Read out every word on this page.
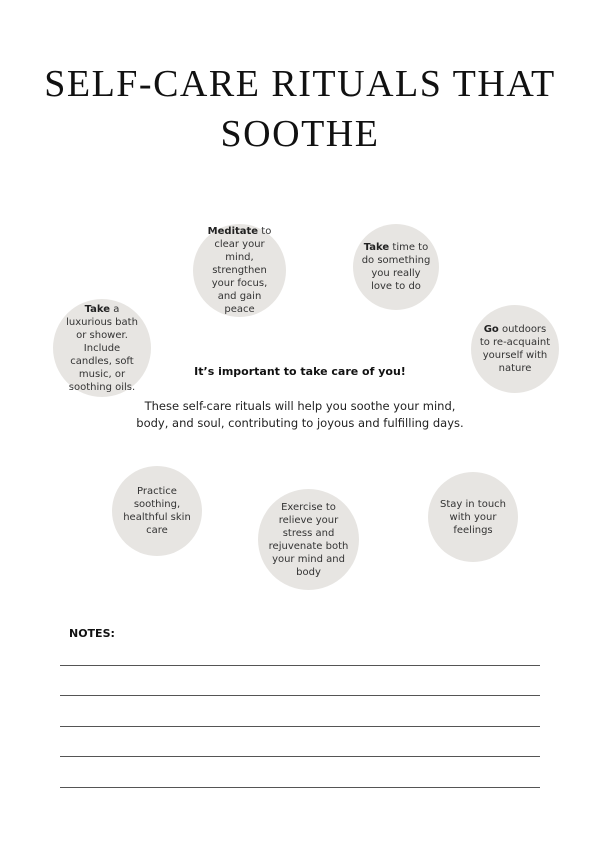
SELF-CARE RITUALS THAT
SOOTHE
Meditate to clear your mind, strengthen your focus, and gain peace
Take time to do something you really love to do
Take a luxurious bath or shower. Include candles, soft music, or soothing oils.
Go outdoors to re-acquaint yourself with nature

It’s important to take care of you!

These self-care rituals will help you soothe your mind, body, and soul, contributing to joyous and fulfilling days.

Practice soothing, healthful skin care
Exercise to relieve your stress and rejuvenate both your mind and body
Stay in touch with your feelings

NOTES:
